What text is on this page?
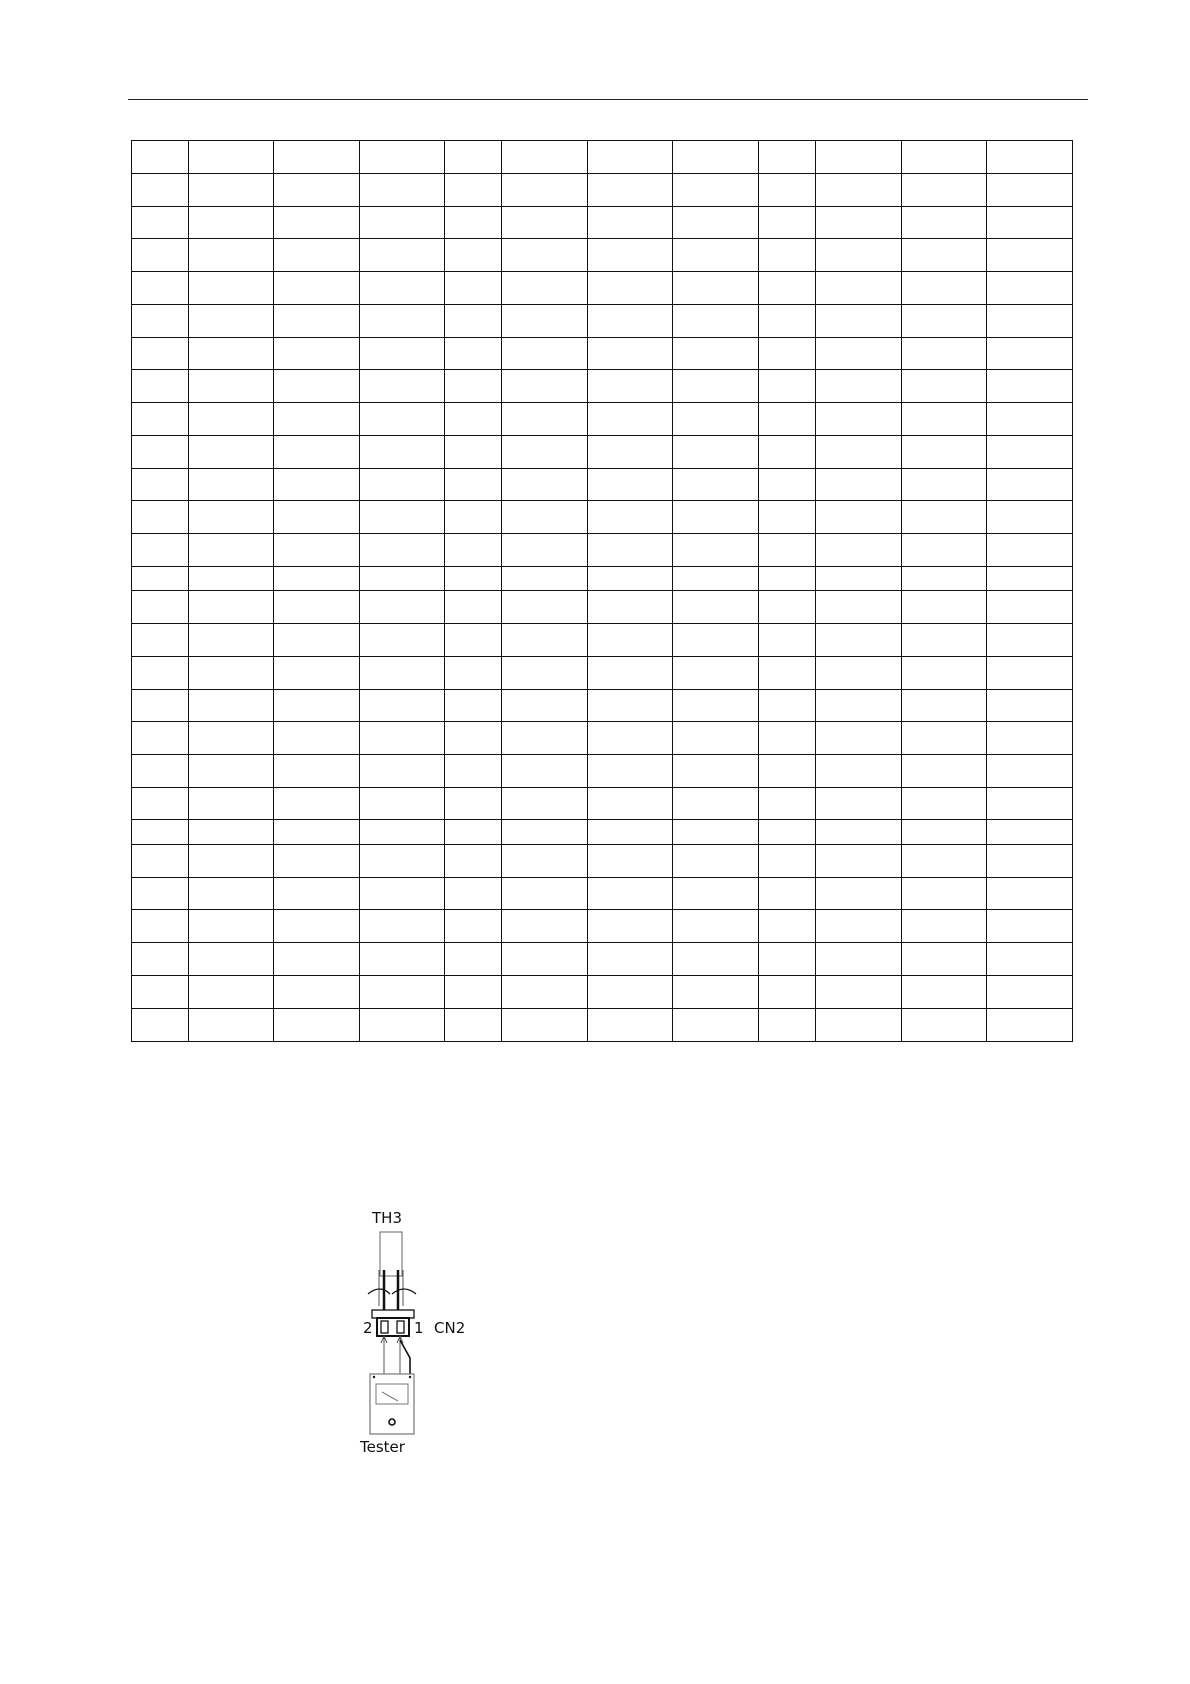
TH3
2	1 CN2
Tester
